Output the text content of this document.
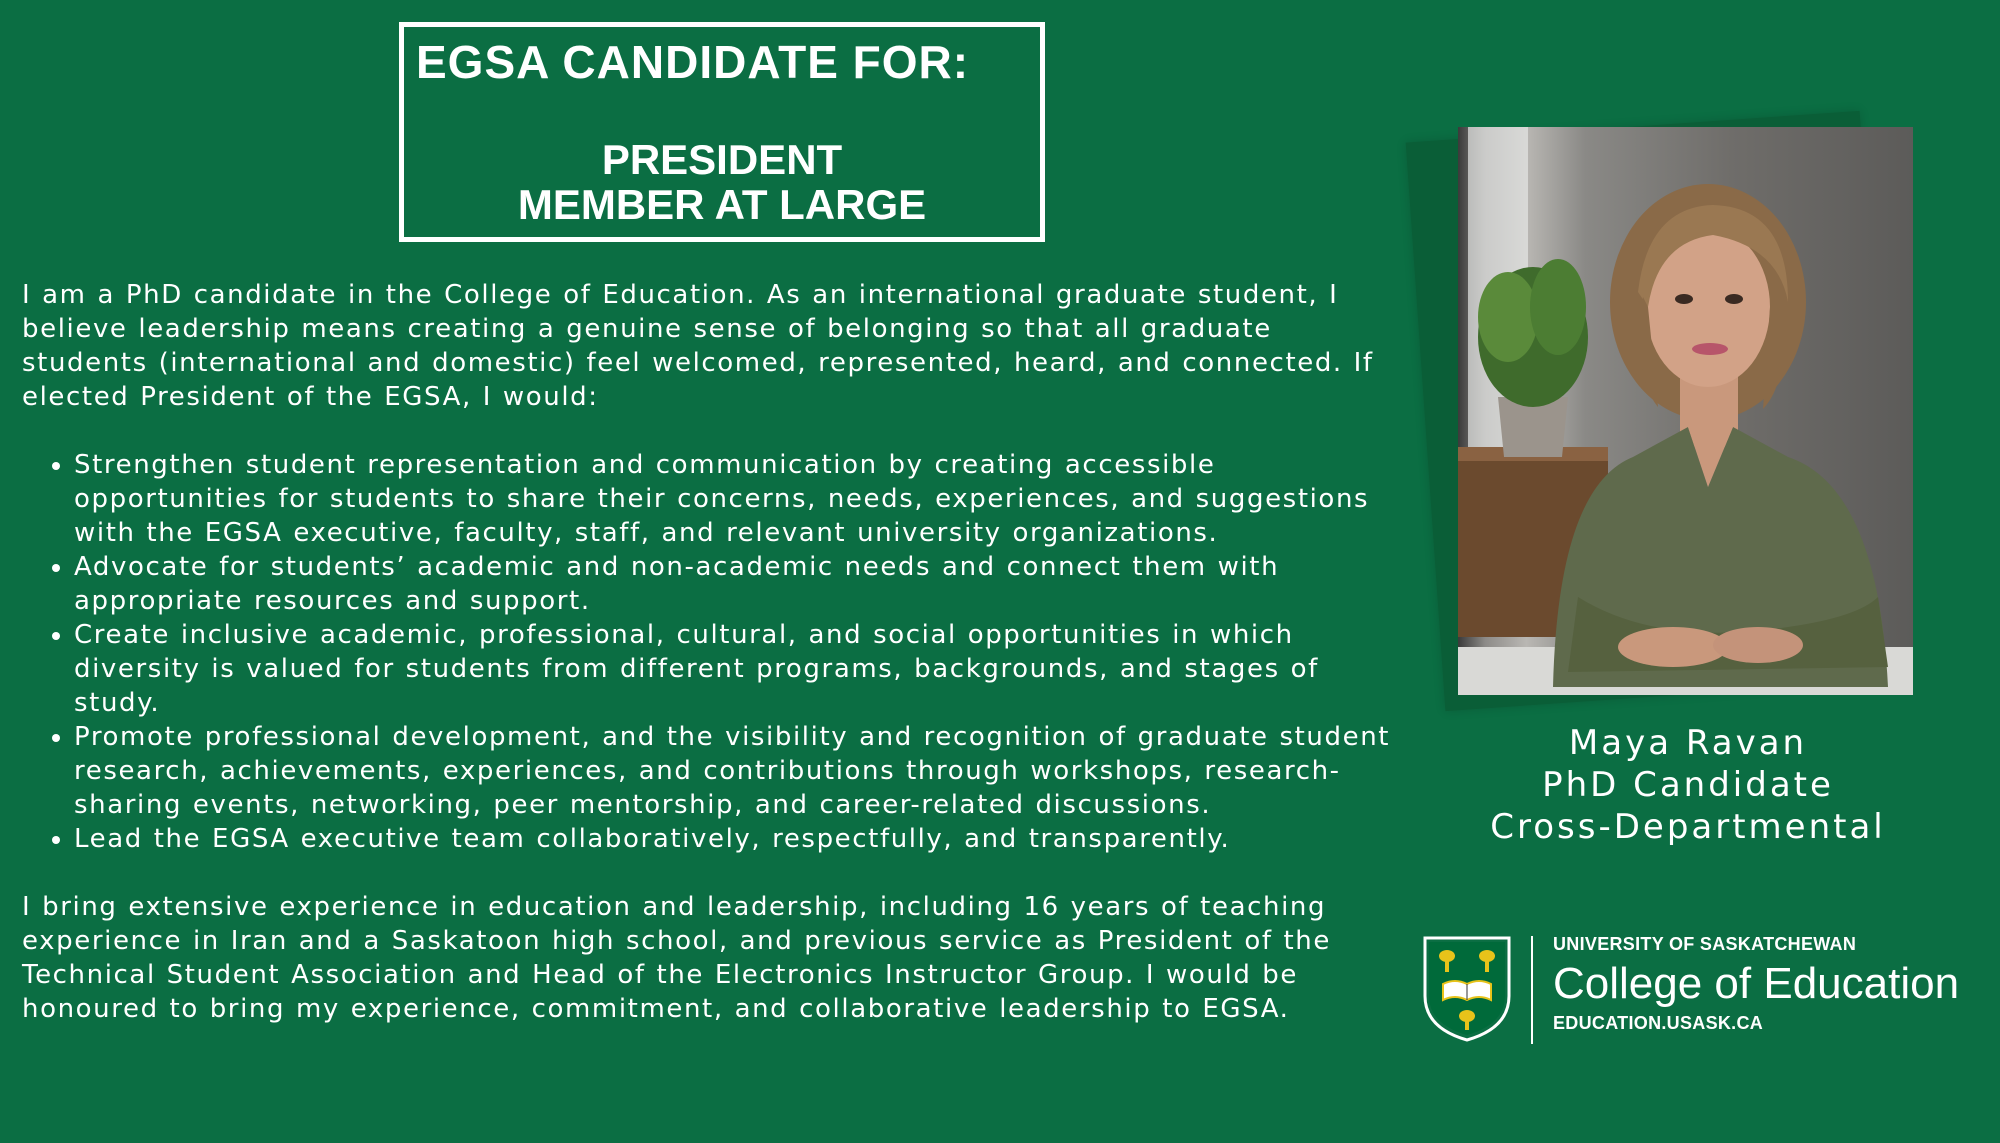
EGSA CANDIDATE FOR:
PRESIDENT
MEMBER AT LARGE

I am a PhD candidate in the College of Education. As an international graduate student, I believe leadership means creating a genuine sense of belonging so that all graduate students (international and domestic) feel welcomed, represented, heard, and connected. If elected President of the EGSA, I would:

• Strengthen student representation and communication by creating accessible opportunities for students to share their concerns, needs, experiences, and suggestions with the EGSA executive, faculty, staff, and relevant university organizations.
• Advocate for students’ academic and non-academic needs and connect them with appropriate resources and support.
• Create inclusive academic, professional, cultural, and social opportunities in which diversity is valued for students from different programs, backgrounds, and stages of study.
• Promote professional development, and the visibility and recognition of graduate student research, achievements, experiences, and contributions through workshops, research-sharing events, networking, peer mentorship, and career-related discussions.
• Lead the EGSA executive team collaboratively, respectfully, and transparently.

I bring extensive experience in education and leadership, including 16 years of teaching experience in Iran and a Saskatoon high school, and previous service as President of the Technical Student Association and Head of the Electronics Instructor Group. I would be honoured to bring my experience, commitment, and collaborative leadership to EGSA.

Maya Ravan
PhD Candidate
Cross-Departmental
UNIVERSITY OF SASKATCHEWAN
College of Education
EDUCATION.USASK.CA
